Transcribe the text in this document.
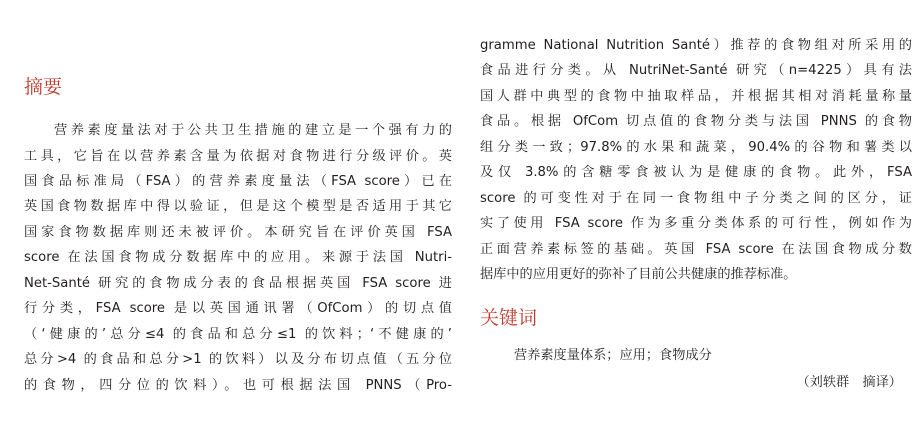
摘要
营养素度量法对于公共卫生措施的建立是一个强有力的
工具，它旨在以营养素含量为依据对食物进行分级评价。英
国食品标准局（FSA）的营养素度量法（FSA score）已在
英国食物数据库中得以验证，但是这个模型是否适用于其它
国家食物数据库则还未被评价。本研究旨在评价英国 FSA
score 在法国食物成分数据库中的应用。来源于法国 Nutri-
Net-Santé 研究的食物成分表的食品根据英国 FSA score 进
行分类，FSA score 是以英国通讯署（OfCom）的切点值
（‘健康的’总分≤4 的食品和总分≤1 的饮料；‘不健康的’
总分>4 的食品和总分>1 的饮料）以及分布切点值（五分位
的食物，四分位的饮料）。也可根据法国 PNNS（Pro-
gramme National Nutrition Santé）推荐的食物组对所采用的
食品进行分类。从 NutriNet-Santé 研究（n=4225）具有法
国人群中典型的食物中抽取样品，并根据其相对消耗量称量
食品。根据 OfCom 切点值的食物分类与法国 PNNS 的食物
组分类一致；97.8%的水果和蔬菜，90.4%的谷物和薯类以
及仅 3.8%的含糖零食被认为是健康的食物。此外，FSA
score 的可变性对于在同一食物组中子分类之间的区分，证
实了使用 FSA score 作为多重分类体系的可行性，例如作为
正面营养素标签的基础。英国 FSA score 在法国食物成分数
据库中的应用更好的弥补了目前公共健康的推荐标准。
关键词
营养素度量体系；应用；食物成分
（刘轶群　摘译）
